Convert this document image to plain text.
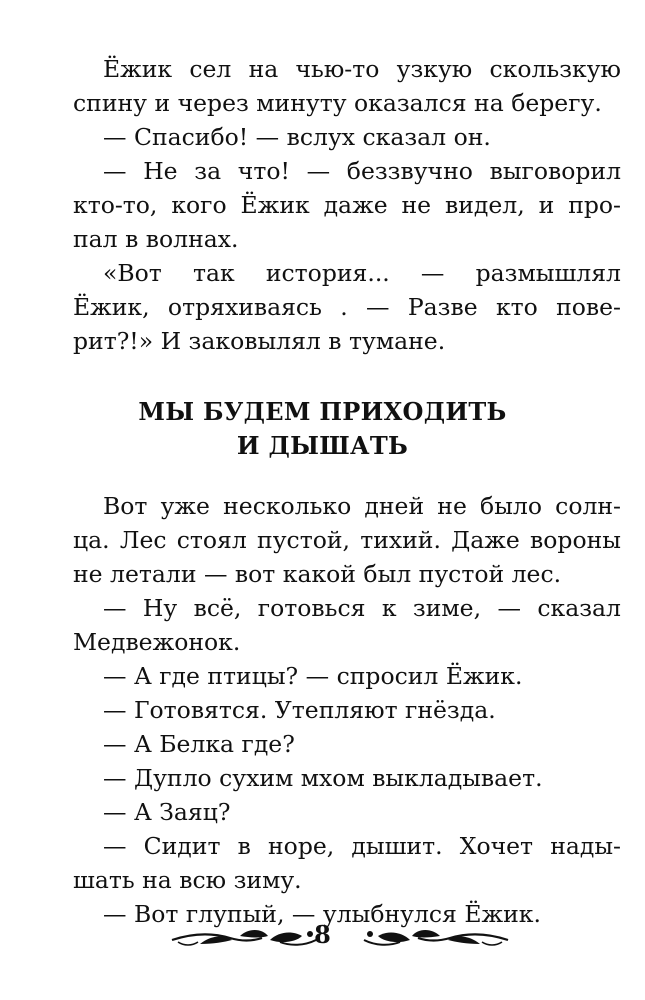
Ёжик сел на чью-то узкую скользкую
спину и через минуту оказался на берегу.
— Спасибо! — вслух сказал он.
— Не за что! — беззвучно выговорил
кто-то, кого Ёжик даже не видел, и про-
пал в волнах.
«Вот так история... — размышлял
Ёжик, отряхиваясь . — Разве кто пове-
рит?!» И заковылял в тумане.
МЫ БУДЕМ ПРИХОДИТЬ
И ДЫШАТЬ
Вот уже несколько дней не было солн-
ца. Лес стоял пустой, тихий. Даже вороны
не летали — вот какой был пустой лес.
— Ну всё, готовься к зиме, — сказал
Медвежонок.
— А где птицы? — спросил Ёжик.
— Готовятся. Утепляют гнёзда.
— А Белка где?
— Дупло сухим мхом выкладывает.
— А Заяц?
— Сидит в норе, дышит. Хочет нады-
шать на всю зиму.
— Вот глупый, — улыбнулся Ёжик.
8
